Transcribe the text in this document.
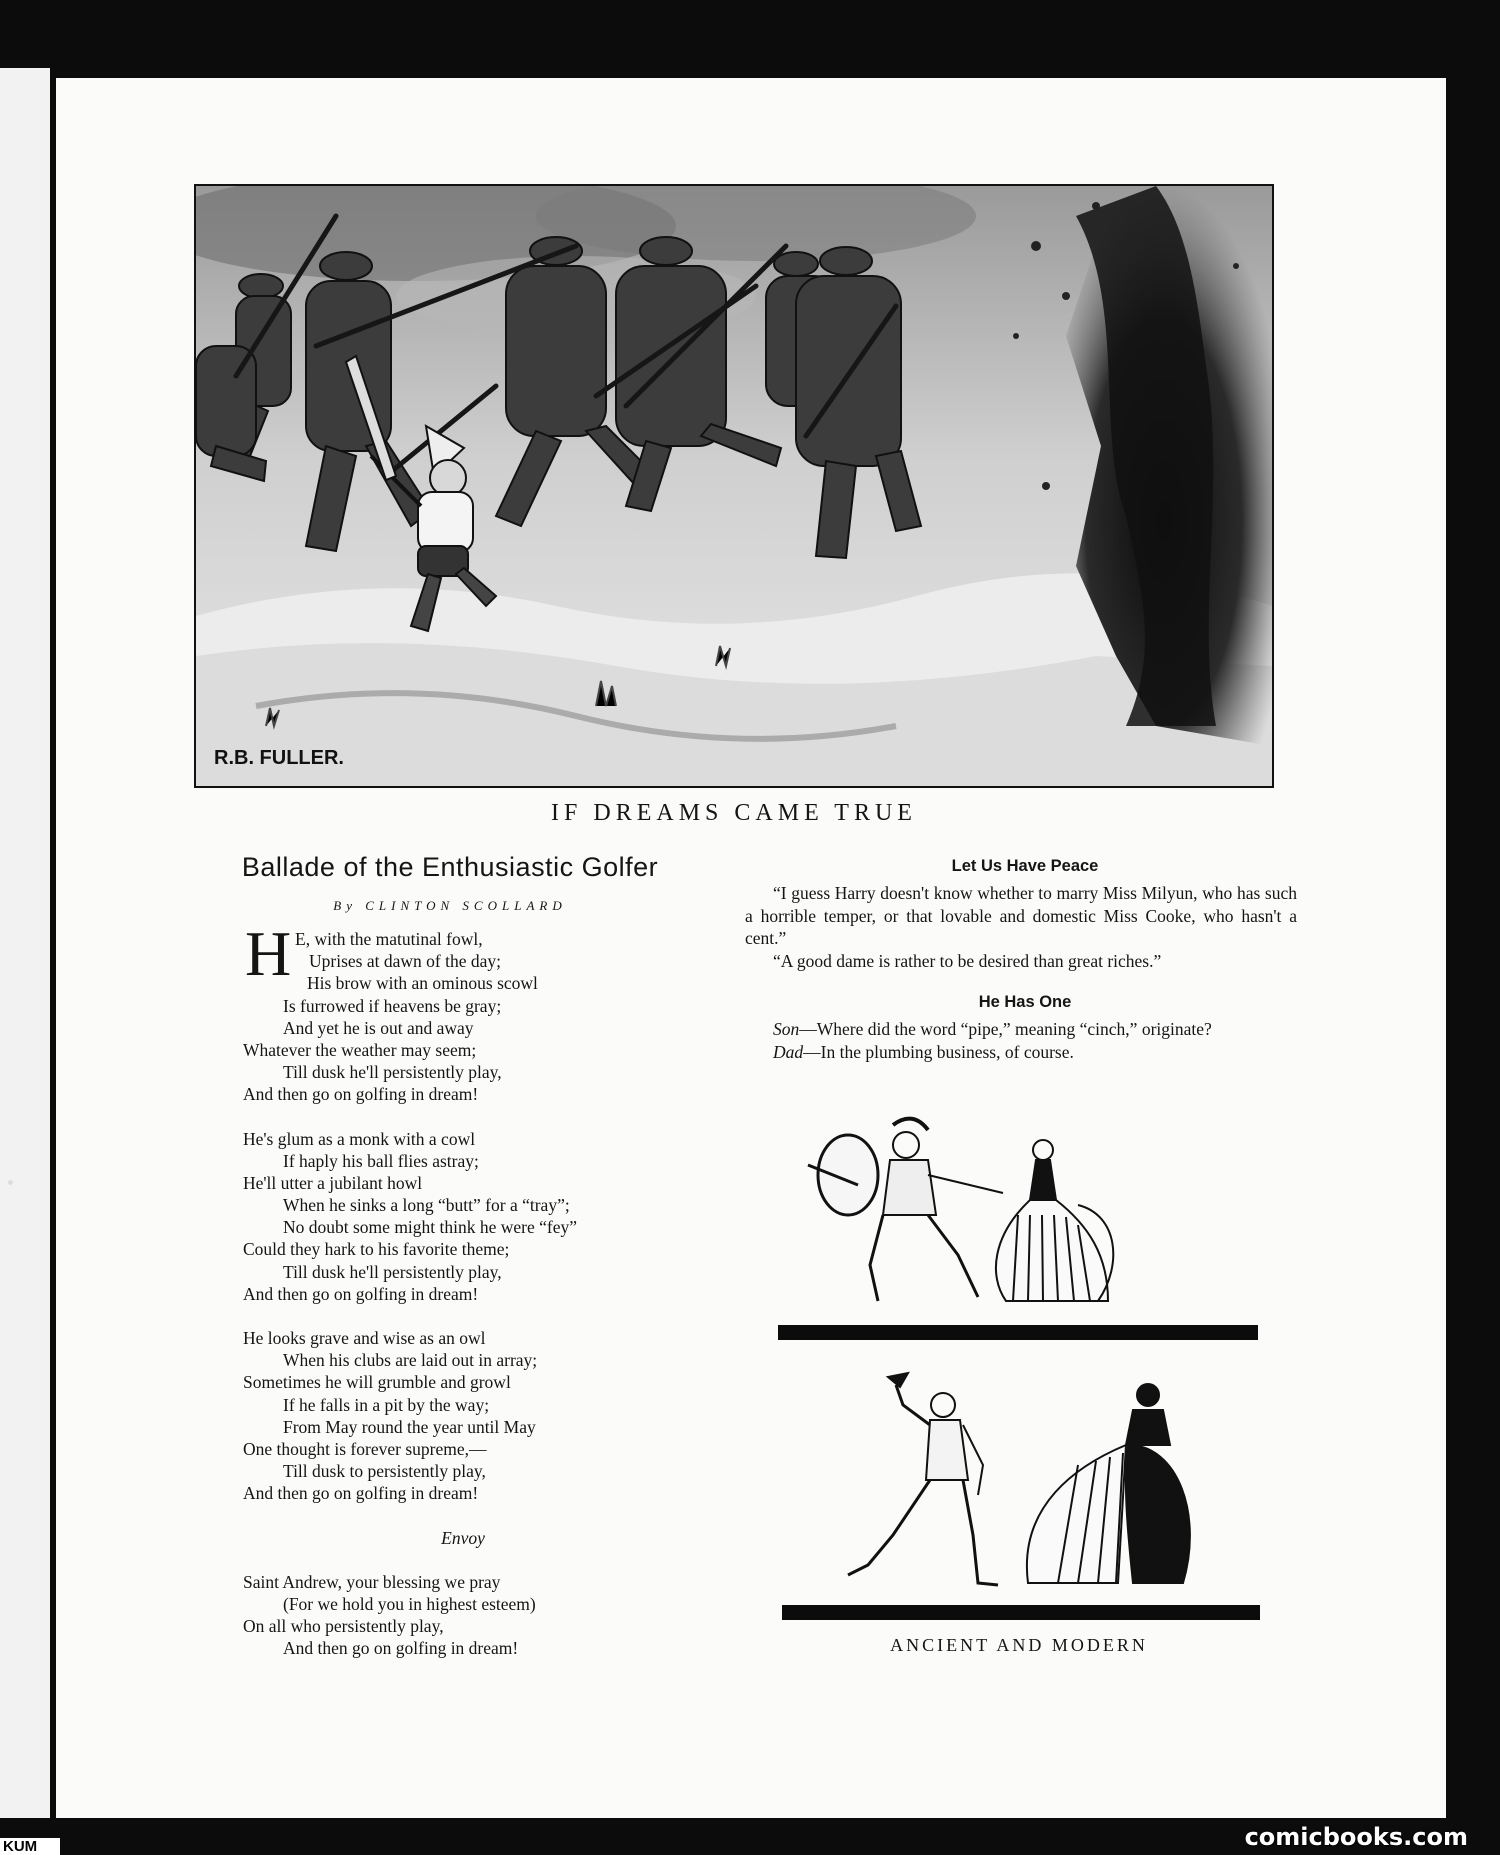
R.B. FULLER.
IF DREAMS CAME TRUE
Ballade of the Enthusiastic Golfer
By CLINTON SCOLLARD
H E, with the matutinal fowl,
Uprises at dawn of the day;
His brow with an ominous scowl
Is furrowed if heavens be gray;
And yet he is out and away
Whatever the weather may seem;
Till dusk he'll persistently play,
And then go on golfing in dream!
He's glum as a monk with a cowl
If haply his ball flies astray;
He'll utter a jubilant howl
When he sinks a long “butt” for a “tray”;
No doubt some might think he were “fey”
Could they hark to his favorite theme;
Till dusk he'll persistently play,
And then go on golfing in dream!
He looks grave and wise as an owl
When his clubs are laid out in array;
Sometimes he will grumble and growl
If he falls in a pit by the way;
From May round the year until May
One thought is forever supreme,—
Till dusk to persistently play,
And then go on golfing in dream!
Envoy
Saint Andrew, your blessing we pray
(For we hold you in highest esteem)
On all who persistently play,
And then go on golfing in dream!
Let Us Have Peace

“I guess Harry doesn't know whether to marry Miss Milyun, who has such a horrible temper, or that lovable and domestic Miss Cooke, who hasn't a cent.”

“A good dame is rather to be desired than great riches.”

He Has One

Son—Where did the word “pipe,” meaning “cinch,” originate?

Dad—In the plumbing business, of course.

ANCIENT AND MODERN
KUM	comicbooks.com
